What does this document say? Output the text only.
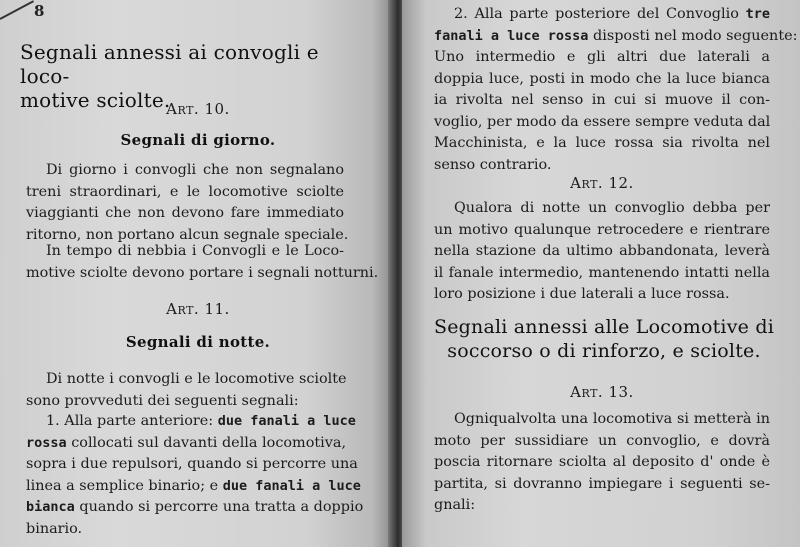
8
Segnali annessi ai convogli e loco-
motive sciolte.
Art. 10.
Segnali di giorno.
Di giorno i convogli che non segnalano
treni straordinari, e le locomotive sciolte
viaggianti che non devono fare immediato
ritorno, non portano alcun segnale speciale.
In tempo di nebbia i Convogli e le Loco-
motive sciolte devono portare i segnali notturni.
Art. 11.
Segnali di notte.
Di notte i convogli e le locomotive sciolte
sono provveduti dei seguenti segnali:
1. Alla parte anteriore: due fanali a luce
rossa collocati sul davanti della locomotiva,
sopra i due repulsori, quando si percorre una
linea a semplice binario; e due fanali a luce
bianca quando si percorre una tratta a doppio
binario.
2. Alla parte posteriore del Convoglio tre
fanali a luce rossa disposti nel modo seguente:
Uno intermedio e gli altri due laterali a
doppia luce, posti in modo che la luce bianca
ia rivolta nel senso in cui si muove il con-
voglio, per modo da essere sempre veduta dal
Macchinista, e la luce rossa sia rivolta nel
senso contrario.
Art. 12.
Qualora di notte un convoglio debba per
un motivo qualunque retrocedere e rientrare
nella stazione da ultimo abbandonata, leverà
il fanale intermedio, mantenendo intatti nella
loro posizione i due laterali a luce rossa.
Segnali annessi alle Locomotive di
soccorso o di rinforzo, e sciolte.
Art. 13.
Ogniqualvolta una locomotiva si metterà in
moto per sussidiare un convoglio, e dovrà
poscia ritornare sciolta al deposito d' onde è
partita, si dovranno impiegare i seguenti se-
gnali:
